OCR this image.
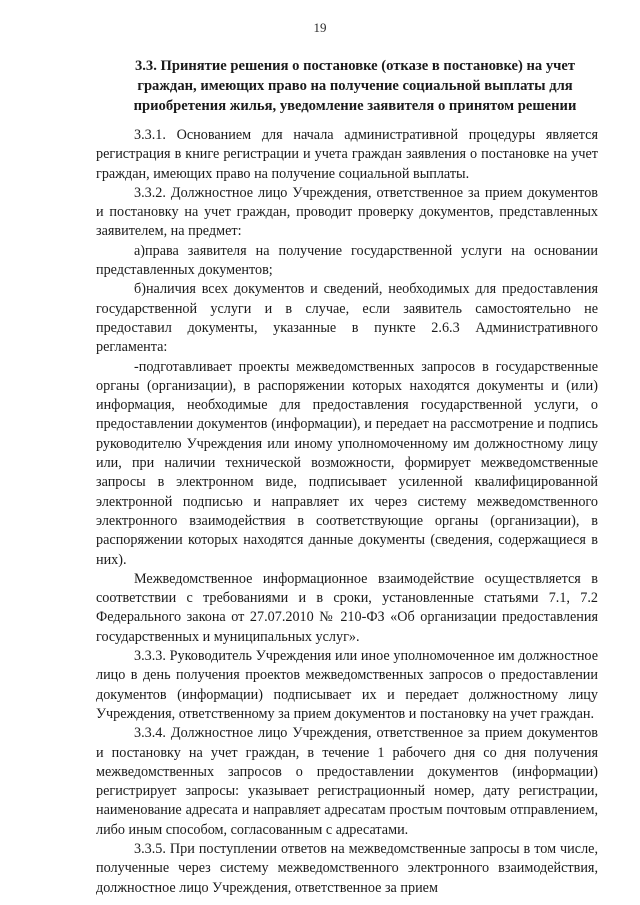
19
3.3. Принятие решения о постановке (отказе в постановке) на учет граждан, имеющих право на получение социальной выплаты для приобретения жилья, уведомление заявителя о принятом решении

3.3.1. Основанием для начала административной процедуры является регистрация в книге регистрации и учета граждан заявления о постановке на учет граждан, имеющих право на получение социальной выплаты.

3.3.2. Должностное лицо Учреждения, ответственное за прием документов и постановку на учет граждан, проводит проверку документов, представленных заявителем, на предмет:

а)права заявителя на получение государственной услуги на основании представленных документов;

б)наличия всех документов и сведений, необходимых для предоставления государственной услуги и в случае, если заявитель самостоятельно не предоставил документы, указанные в пункте 2.6.3 Административного регламента:

-подготавливает проекты межведомственных запросов в государственные органы (организации), в распоряжении которых находятся документы и (или) информация, необходимые для предоставления государственной услуги, о предоставлении документов (информации), и передает на рассмотрение и подпись руководителю Учреждения или иному уполномоченному им должностному лицу или, при наличии технической возможности, формирует межведомственные запросы в электронном виде, подписывает усиленной квалифицированной электронной подписью и направляет их через систему межведомственного электронного взаимодействия в соответствующие органы (организации), в распоряжении которых находятся данные документы (сведения, содержащиеся в них).

Межведомственное информационное взаимодействие осуществляется в соответствии с требованиями и в сроки, установленные статьями 7.1, 7.2 Федерального закона от 27.07.2010 № 210-ФЗ «Об организации предоставления государственных и муниципальных услуг».

3.3.3. Руководитель Учреждения или иное уполномоченное им должностное лицо в день получения проектов межведомственных запросов о предоставлении документов (информации) подписывает их и передает должностному лицу Учреждения, ответственному за прием документов и постановку на учет граждан.

3.3.4. Должностное лицо Учреждения, ответственное за прием документов и постановку на учет граждан, в течение 1 рабочего дня со дня получения межведомственных запросов о предоставлении документов (информации) регистрирует запросы: указывает регистрационный номер, дату регистрации, наименование адресата и направляет адресатам простым почтовым отправлением, либо иным способом, согласованным с адресатами.

3.3.5. При поступлении ответов на межведомственные запросы в том числе, полученные через систему межведомственного электронного взаимодействия, должностное лицо Учреждения, ответственное за прием
